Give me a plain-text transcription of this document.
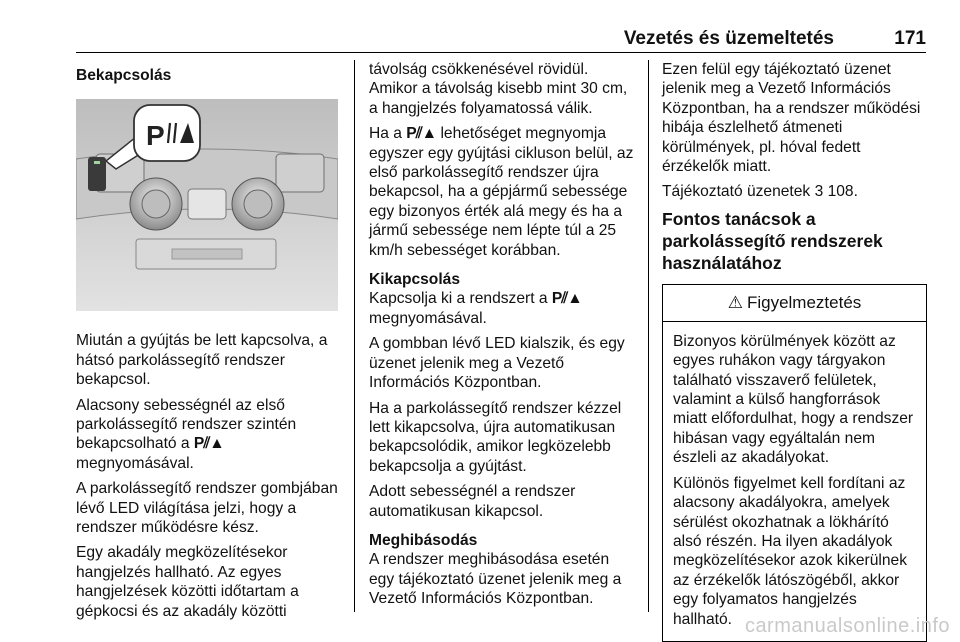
Vezetés és üzemeltetés	171
Bekapcsolás
P

Miután a gyújtás be lett kapcsolva, a hátsó parkolássegítő rendszer bekapcsol.

Alacsony sebességnél az első parkolássegítő rendszer szintén bekapcsolható a P⫽▲ megnyomásával.

A parkolássegítő rendszer gombjában lévő LED világítása jelzi, hogy a rendszer működésre kész.

Egy akadály megközelítésekor hangjelzés hallható. Az egyes hangjelzések közötti időtartam a gépkocsi és az akadály közötti

távolság csökkenésével rövidül. Amikor a távolság kisebb mint 30 cm, a hangjelzés folyamatossá válik.

Ha a P⫽▲ lehetőséget megnyomja egyszer egy gyújtási cikluson belül, az első parkolássegítő rendszer újra bekapcsol, ha a gépjármű sebessége egy bizonyos érték alá megy és ha a jármű sebessége nem lépte túl a 25 km/h sebességet korábban.

Kikapcsolás

Kapcsolja ki a rendszert a P⫽▲ megnyomásával.

A gombban lévő LED kialszik, és egy üzenet jelenik meg a Vezető Információs Központban.

Ha a parkolássegítő rendszer kézzel lett kikapcsolva, újra automatikusan bekapcsolódik, amikor legközelebb bekapcsolja a gyújtást.

Adott sebességnél a rendszer automatikusan kikapcsol.

Meghibásodás

A rendszer meghibásodása esetén egy tájékoztató üzenet jelenik meg a Vezető Információs Központban.

Ezen felül egy tájékoztató üzenet jelenik meg a Vezető Információs Központban, ha a rendszer működési hibája észlelhető átmeneti körülmények, pl. hóval fedett érzékelők miatt.

Tájékoztató üzenetek 3 108.

Fontos tanácsok a parkolássegítő rendszerek használatához
⚠ Figyelmeztetés

Bizonyos körülmények között az egyes ruhákon vagy tárgyakon található visszaverő felületek, valamint a külső hangforrások miatt előfordulhat, hogy a rendszer hibásan vagy egyáltalán nem észleli az akadályokat.

Különös figyelmet kell fordítani az alacsony akadályokra, amelyek sérülést okozhatnak a lökhárító alsó részén. Ha ilyen akadályok megközelítésekor azok kikerülnek az érzékelők látószögéből, akkor egy folyamatos hangjelzés hallható. carmanualsonline.info
